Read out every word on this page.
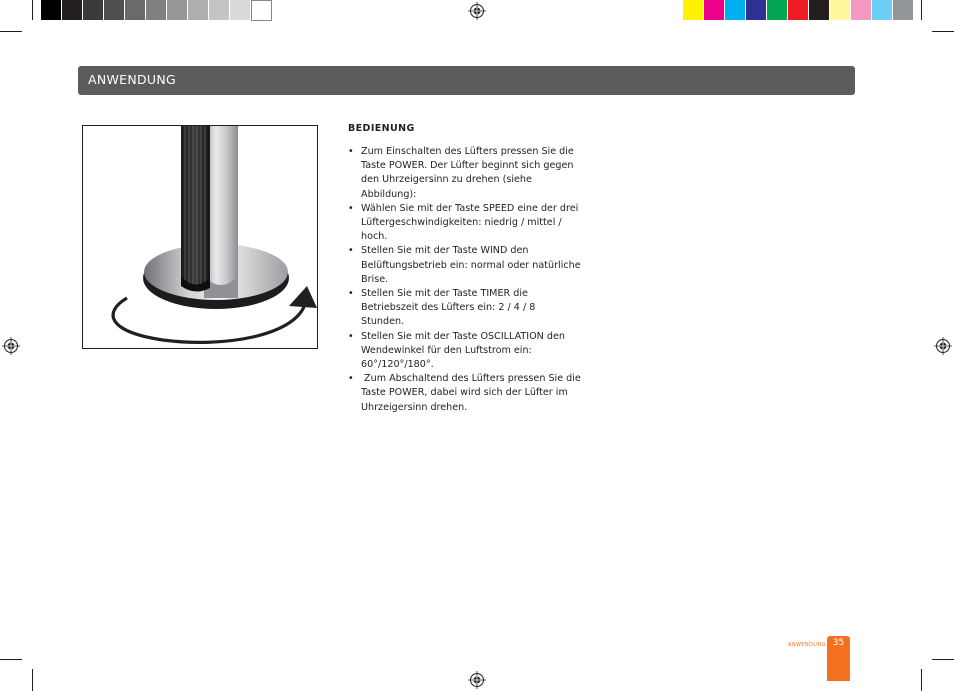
ANWENDUNG
BEDIENUNG
• Zum Einschalten des Lüfters pressen Sie die
Taste POWER. Der Lüfter beginnt sich gegen
den Uhrzeigersinn zu drehen (siehe
Abbildung):
• Wählen Sie mit der Taste SPEED eine der drei
Lüftergeschwindigkeiten: niedrig / mittel /
hoch.
• Stellen Sie mit der Taste WIND den
Belüftungsbetrieb ein: normal oder natürliche
Brise.
• Stellen Sie mit der Taste TIMER die
Betriebszeit des Lüfters ein: 2 / 4 / 8
Stunden.
• Stellen Sie mit der Taste OSCILLATION den
Wendewinkel für den Luftstrom ein:
60°/120°/180°.
• Zum Abschaltend des Lüfters pressen Sie die
Taste POWER, dabei wird sich der Lüfter im
Uhrzeigersinn drehen.
ANWENDUNG 35
